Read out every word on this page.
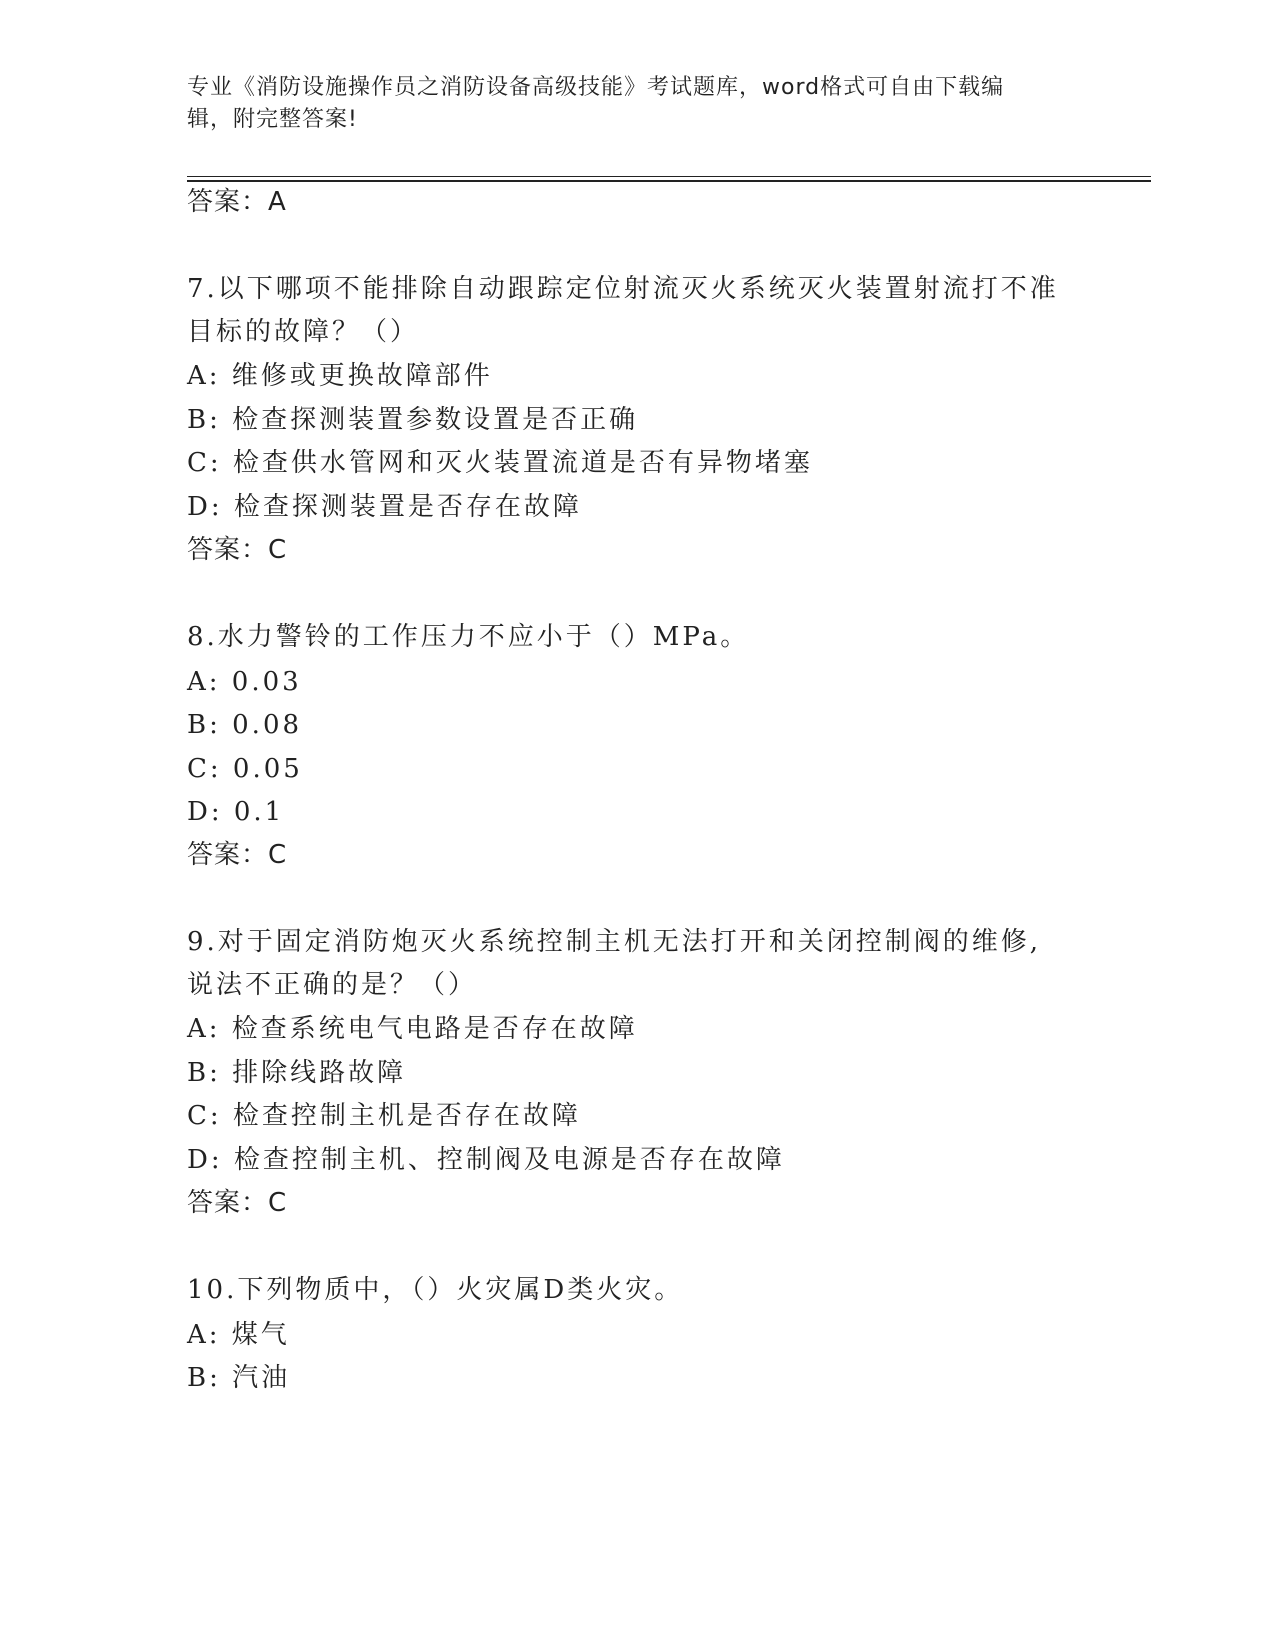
专业《消防设施操作员之消防设备高级技能》考试题库，word格式可自由下载编
辑，附完整答案!
答案：A
7.以下哪项不能排除自动跟踪定位射流灭火系统灭火装置射流打不准
目标的故障？（）
A: 维修或更换故障部件
B: 检查探测装置参数设置是否正确
C: 检查供水管网和灭火装置流道是否有异物堵塞
D: 检查探测装置是否存在故障
答案：C
8.水力警铃的工作压力不应小于（）MPa。
A: 0.03
B: 0.08
C: 0.05
D: 0.1
答案：C
9.对于固定消防炮灭火系统控制主机无法打开和关闭控制阀的维修,
说法不正确的是？（）
A: 检查系统电气电路是否存在故障
B: 排除线路故障
C: 检查控制主机是否存在故障
D: 检查控制主机、控制阀及电源是否存在故障
答案：C
10.下列物质中，（）火灾属D类火灾。
A: 煤气
B: 汽油
